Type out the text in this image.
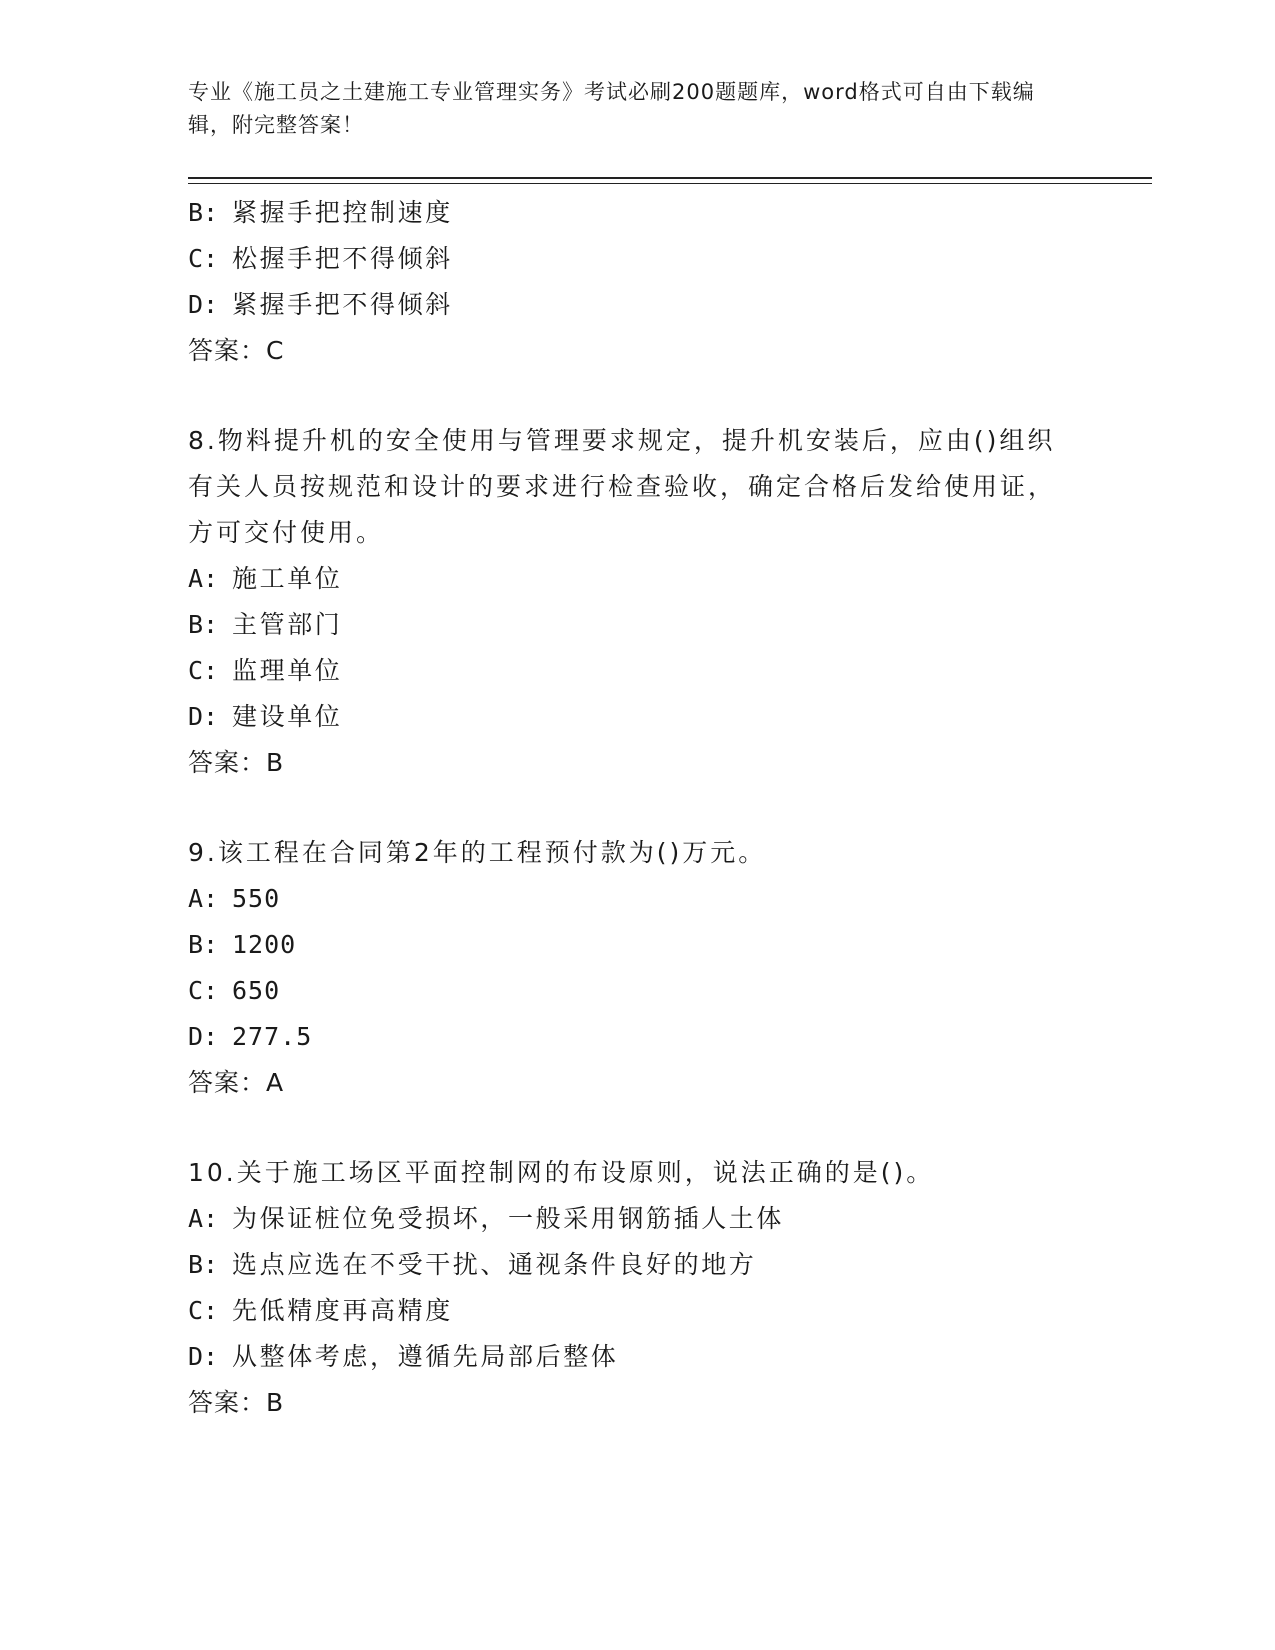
专业《施工员之土建施工专业管理实务》考试必刷200题题库，word格式可自由下载编辑，附完整答案！
B: 紧握手把控制速度
C: 松握手把不得倾斜
D: 紧握手把不得倾斜
答案：C
8.物料提升机的安全使用与管理要求规定，提升机安装后，应由()组织有关人员按规范和设计的要求进行检查验收，确定合格后发给使用证，方可交付使用。
A: 施工单位
B: 主管部门
C: 监理单位
D: 建设单位
答案：B
9.该工程在合同第2年的工程预付款为()万元。
A: 550
B: 1200
C: 650
D: 277.5
答案：A
10.关于施工场区平面控制网的布设原则，说法正确的是()。
A: 为保证桩位免受损坏，一般采用钢筋插人土体
B: 选点应选在不受干扰、通视条件良好的地方
C: 先低精度再高精度
D: 从整体考虑，遵循先局部后整体
答案：B
